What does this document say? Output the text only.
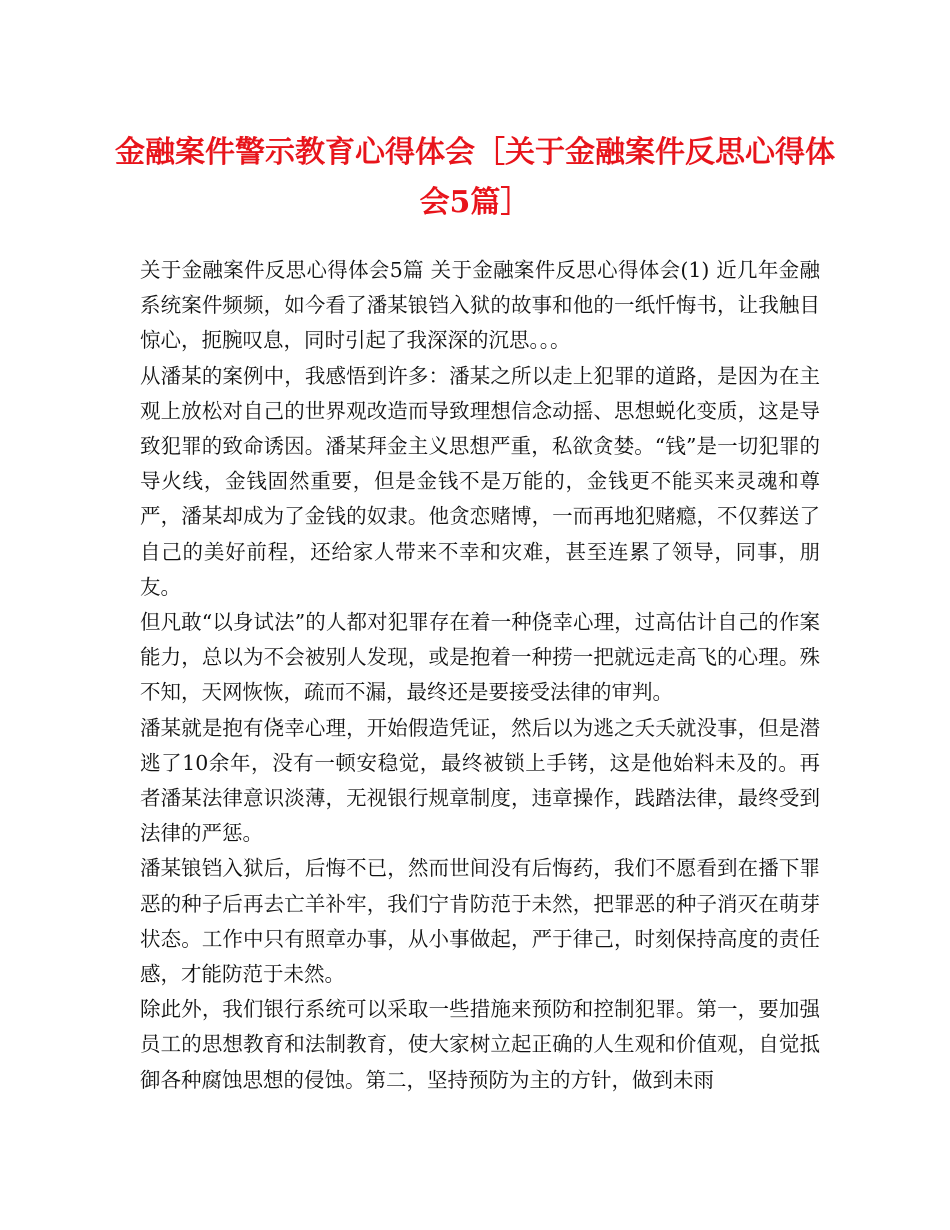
金融案件警示教育心得体会［关于金融案件反思心得体会5篇］

关于金融案件反思心得体会5篇 关于金融案件反思心得体会(1) 近几年金融系统案件频频，如今看了潘某锒铛入狱的故事和他的一纸忏悔书，让我触目惊心，扼腕叹息，同时引起了我深深的沉思。。。

从潘某的案例中，我感悟到许多：潘某之所以走上犯罪的道路，是因为在主观上放松对自己的世界观改造而导致理想信念动摇、思想蜕化变质，这是导致犯罪的致命诱因。潘某拜金主义思想严重，私欲贪婪。“钱”是一切犯罪的导火线，金钱固然重要，但是金钱不是万能的，金钱更不能买来灵魂和尊严，潘某却成为了金钱的奴隶。他贪恋赌博，一而再地犯赌瘾，不仅葬送了自己的美好前程，还给家人带来不幸和灾难，甚至连累了领导，同事，朋友。

但凡敢“以身试法”的人都对犯罪存在着一种侥幸心理，过高估计自己的作案能力，总以为不会被别人发现，或是抱着一种捞一把就远走高飞的心理。殊不知，天网恢恢，疏而不漏，最终还是要接受法律的审判。

潘某就是抱有侥幸心理，开始假造凭证，然后以为逃之夭夭就没事，但是潜逃了10余年，没有一顿安稳觉，最终被锁上手铐，这是他始料未及的。再者潘某法律意识淡薄，无视银行规章制度，违章操作，践踏法律，最终受到法律的严惩。

潘某锒铛入狱后，后悔不已，然而世间没有后悔药，我们不愿看到在播下罪恶的种子后再去亡羊补牢，我们宁肯防范于未然，把罪恶的种子消灭在萌芽状态。工作中只有照章办事，从小事做起，严于律己，时刻保持高度的责任感，才能防范于未然。

除此外，我们银行系统可以采取一些措施来预防和控制犯罪。第一，要加强员工的思想教育和法制教育，使大家树立起正确的人生观和价值观，自觉抵御各种腐蚀思想的侵蚀。第二，坚持预防为主的方针，做到未雨
